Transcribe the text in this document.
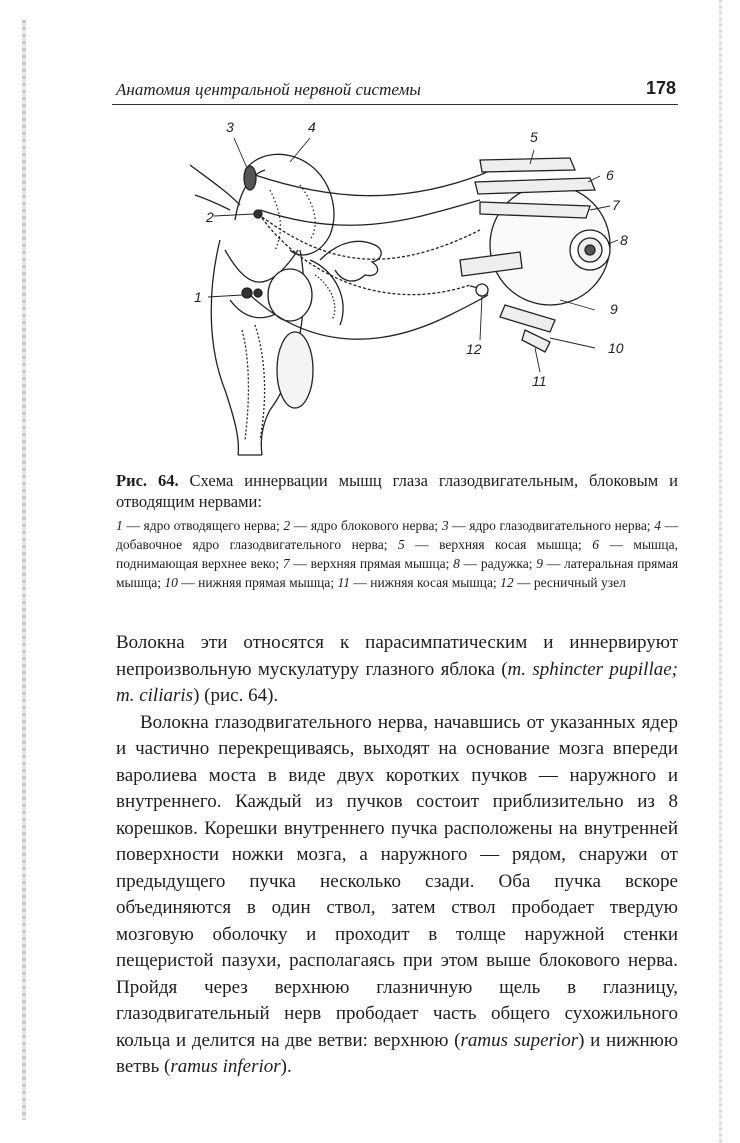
Анатомия центральной нервной системы	178
2
3	4
1
5
6
7
8
9
10
11
12
Рис. 64. Схема иннервации мышц глаза глазодвигательным, блоковым и отводящим нервами:
1 — ядро отводящего нерва; 2 — ядро блокового нерва; 3 — ядро глазодвигательного нерва; 4 — добавочное ядро глазодвигательного нерва; 5 — верхняя косая мышца; 6 — мышца, поднимающая верхнее веко; 7 — верхняя прямая мышца; 8 — радужка; 9 — латеральная прямая мышца; 10 — нижняя прямая мышца; 11 — нижняя косая мышца; 12 — ресничный узел

Волокна эти относятся к парасимпатическим и иннервируют непроизвольную мускулатуру глазного яблока (m. sphincter pupillae; m. ciliaris) (рис. 64).

Волокна глазодвигательного нерва, начавшись от указанных ядер и частично перекрещиваясь, выходят на основание мозга впереди варолиева моста в виде двух коротких пучков — наружного и внутреннего. Каждый из пучков состоит приблизительно из 8 корешков. Корешки внутреннего пучка расположены на внутренней поверхности ножки мозга, а наружного — рядом, снаружи от предыдущего пучка несколько сзади. Оба пучка вскоре объединяются в один ствол, затем ствол прободает твердую мозговую оболочку и проходит в толще наружной стенки пещеристой пазухи, располагаясь при этом выше блокового нерва. Пройдя через верхнюю глазничную щель в глазницу, глазодвигательный нерв прободает часть общего сухожильного кольца и делится на две ветви: верхнюю (ramus superior) и нижнюю ветвь (ramus inferior).
